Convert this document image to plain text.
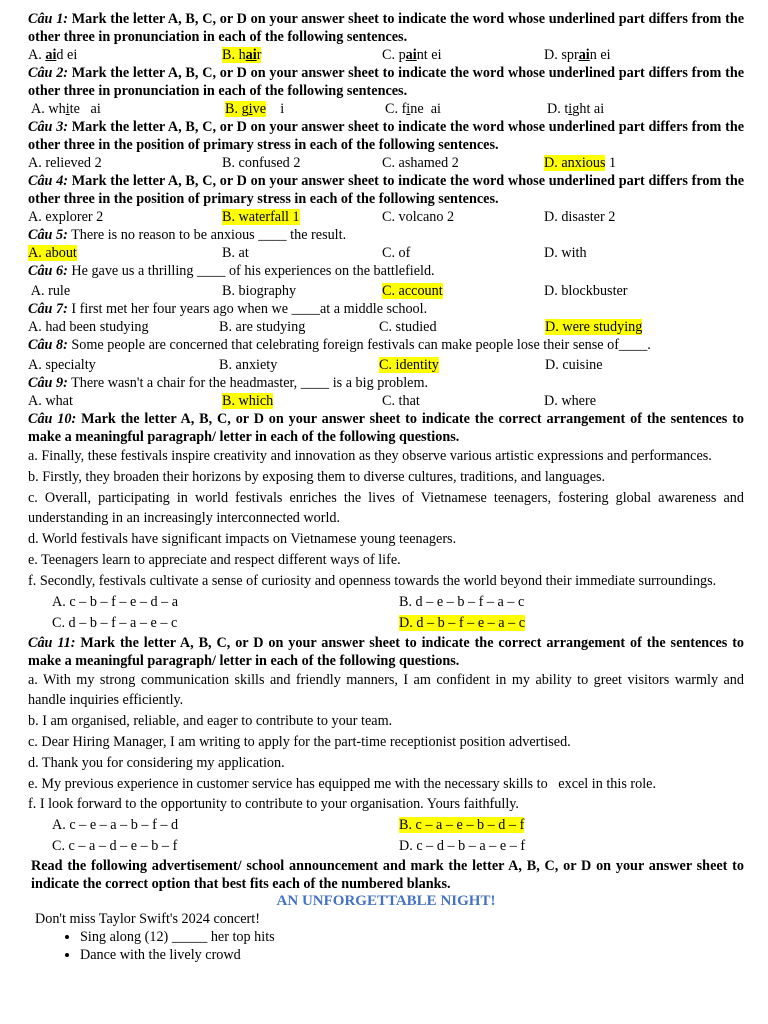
Câu 1: Mark the letter A, B, C, or D on your answer sheet to indicate the word whose underlined part differs from the other three in pronunciation in each of the following sentences.
A. aid ei	B. hair	C. paint ei	D. sprain ei
Câu 2: Mark the letter A, B, C, or D on your answer sheet to indicate the word whose underlined part differs from the other three in pronunciation in each of the following sentences.
A. white   ai	B. give    i	C. fine  ai	D. tight ai
Câu 3: Mark the letter A, B, C, or D on your answer sheet to indicate the word whose underlined part differs from the other three in the position of primary stress in each of the following sentences.
A. relieved 2	B. confused 2	C. ashamed 2	D. anxious 1
Câu 4: Mark the letter A, B, C, or D on your answer sheet to indicate the word whose underlined part differs from the other three in the position of primary stress in each of the following sentences.
A. explorer 2	B. waterfall 1	C. volcano 2	D. disaster 2
Câu 5: There is no reason to be anxious ____ the result.
A. about	B. at	C. of	D. with
Câu 6: He gave us a thrilling ____ of his experiences on the battlefield.
A. rule	B. biography	C. account	D. blockbuster
Câu 7: I first met her four years ago when we ____at a middle school.
A. had been studying	B. are studying	C. studied	D. were studying
Câu 8: Some people are concerned that celebrating foreign festivals can make people lose their sense of____.
A. specialty	B. anxiety	C. identity	D. cuisine
Câu 9: There wasn't a chair for the headmaster, ____ is a big problem.
A. what	B. which	C. that	D. where
Câu 10: Mark the letter A, B, C, or D on your answer sheet to indicate the correct arrangement of the sentences to make a meaningful paragraph/ letter in each of the following questions.
a. Finally, these festivals inspire creativity and innovation as they observe various artistic expressions and performances.
b. Firstly, they broaden their horizons by exposing them to diverse cultures, traditions, and languages.
c. Overall, participating in world festivals enriches the lives of Vietnamese teenagers, fostering global awareness and understanding in an increasingly interconnected world.
d. World festivals have significant impacts on Vietnamese young teenagers.
e. Teenagers learn to appreciate and respect different ways of life.
f. Secondly, festivals cultivate a sense of curiosity and openness towards the world beyond their immediate surroundings.
A. c – b – f – e – d – a	B. d – e – b – f – a – c
C. d – b – f – a – e – c	D. d – b – f – e – a – c
Câu 11: Mark the letter A, B, C, or D on your answer sheet to indicate the correct arrangement of the sentences to make a meaningful paragraph/ letter in each of the following questions.
a. With my strong communication skills and friendly manners, I am confident in my ability to greet visitors warmly and handle inquiries efficiently.
b. I am organised, reliable, and eager to contribute to your team.
c. Dear Hiring Manager, I am writing to apply for the part-time receptionist position advertised.
d. Thank you for considering my application.
e. My previous experience in customer service has equipped me with the necessary skills to   excel in this role.
f. I look forward to the opportunity to contribute to your organisation. Yours faithfully.
A. c – e – a – b – f – d	B. c – a – e – b – d – f
C. c – a – d – e – b – f	D. c – d – b – a – e – f
Read the following advertisement/ school announcement and mark the letter A, B, C, or D on your answer sheet to indicate the correct option that best fits each of the numbered blanks.
AN UNFORGETTABLE NIGHT!
Don't miss Taylor Swift's 2024 concert!
• Sing along (12) _____ her top hits
• Dance with the lively crowd
